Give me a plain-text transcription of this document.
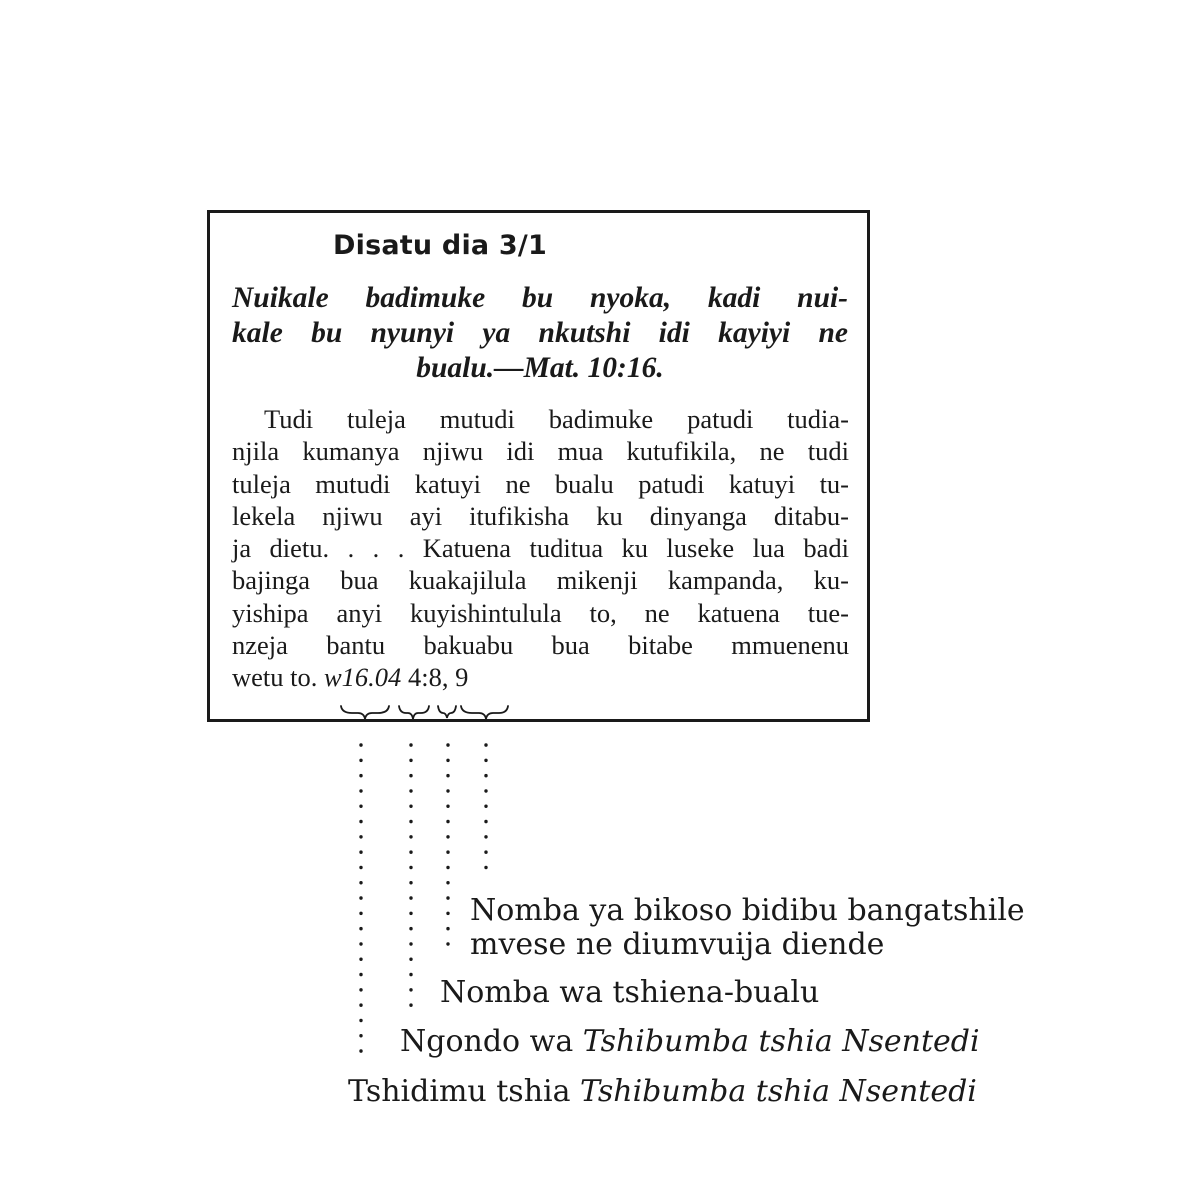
Disatu dia 3/1
Nuikale badimuke bu nyoka, kadi nui-
kale bu nyunyi ya nkutshi idi kayiyi ne
bualu.—Mat. 10:16.
Tudi tuleja mutudi badimuke patudi tudia-
njila kumanya njiwu idi mua kutufikila, ne tudi
tuleja mutudi katuyi ne bualu patudi katuyi tu-
lekela njiwu ayi itufikisha ku dinyanga ditabu-
ja dietu. . . . Katuena tuditua ku luseke lua badi
bajinga bua kuakajilula mikenji kampanda, ku-
yishipa anyi kuyishintulula to, ne katuena tue-
nzeja bantu bakuabu bua bitabe mmuenenu
wetu to. w16.04 4:8, 9
Nomba ya bikoso bidibu bangatshile
mvese ne diumvuija diende
Nomba wa tshiena-bualu
Ngondo wa Tshibumba tshia Nsentedi
Tshidimu tshia Tshibumba tshia Nsentedi
